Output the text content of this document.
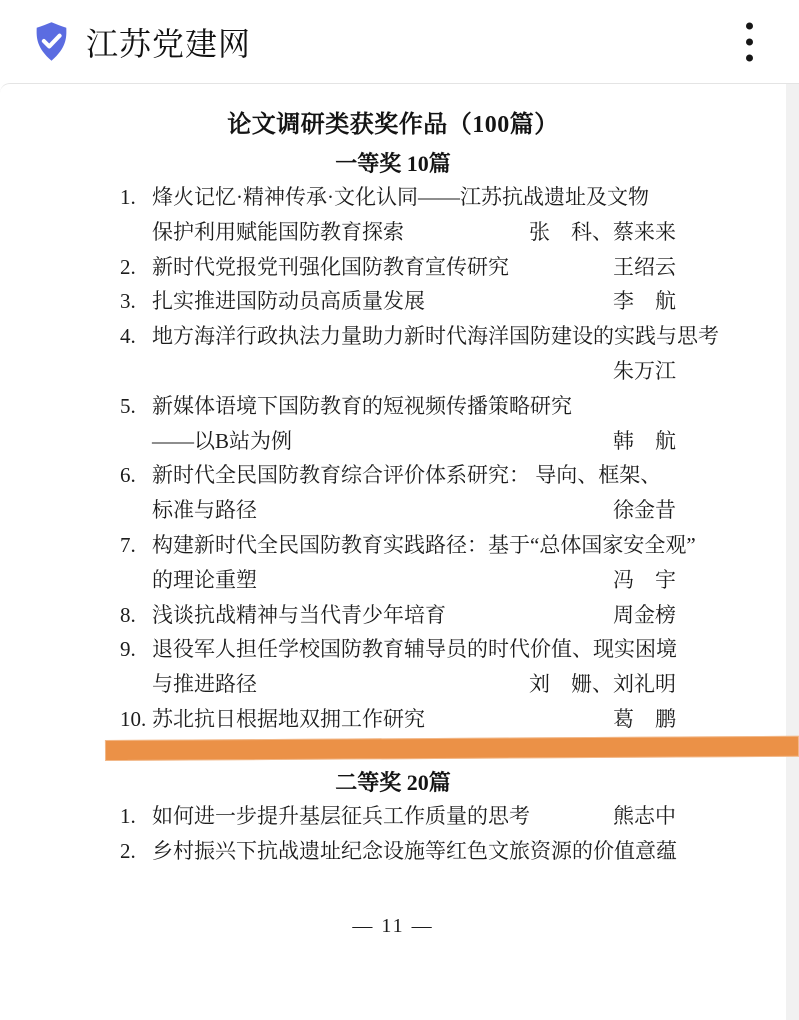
江苏党建网
论文调研类获奖作品（100篇）
一等奖 10篇
1. 烽火记忆·精神传承·文化认同——江苏抗战遗址及文物
保护利用赋能国防教育探索	张　科、蔡来来
2. 新时代党报党刊强化国防教育宣传研究	王绍云
3. 扎实推进国防动员高质量发展	李　航
4. 地方海洋行政执法力量助力新时代海洋国防建设的实践与思考
朱万江
5. 新媒体语境下国防教育的短视频传播策略研究
——以B站为例	韩　航
6. 新时代全民国防教育综合评价体系研究： 导向、框架、
标准与路径	徐金昔
7. 构建新时代全民国防教育实践路径：基于“总体国家安全观”
的理论重塑	冯　宇
8. 浅谈抗战精神与当代青少年培育	周金榜
9. 退役军人担任学校国防教育辅导员的时代价值、现实困境
与推进路径	刘　姗、刘礼明
10. 苏北抗日根据地双拥工作研究	葛　鹏
二等奖 20篇
1. 如何进一步提升基层征兵工作质量的思考	熊志中
2. 乡村振兴下抗战遗址纪念设施等红色文旅资源的价值意蕴
— 11 —
